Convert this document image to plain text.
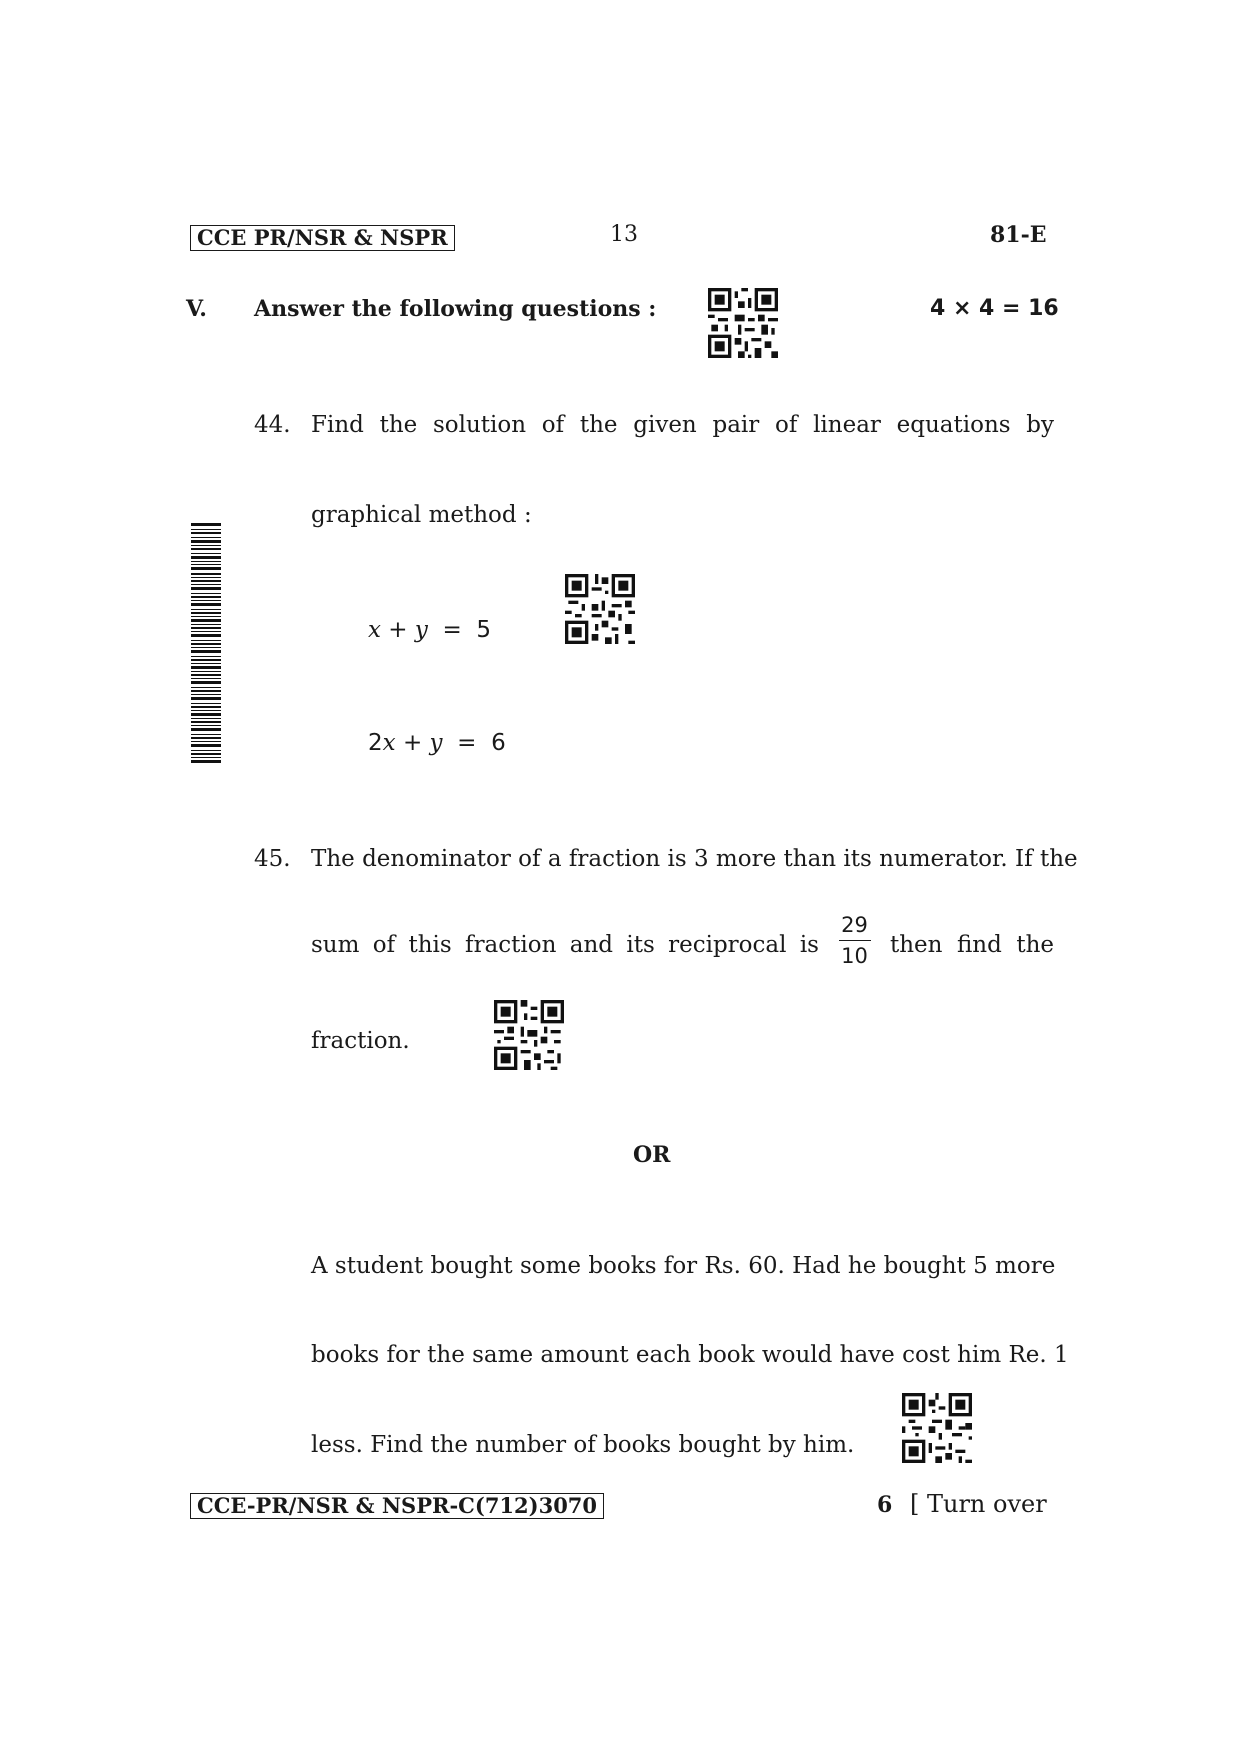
CCE PR/NSR & NSPR	13	81-E
V. Answer the following questions :	4 × 4 = 16
44. Find the solution of the given pair of linear equations by
graphical method :
x + y = 5
2x + y = 6
45. The denominator of a fraction is 3 more than its numerator. If the
sum of this fraction and its reciprocal is $\frac{29}{10}$ then find the
fraction.
OR
A student bought some books for Rs. 60. Had he bought 5 more
books for the same amount each book would have cost him Re. 1
less. Find the number of books bought by him.
CCE-PR/NSR & NSPR-C(712)3070	6 [ Turn over
